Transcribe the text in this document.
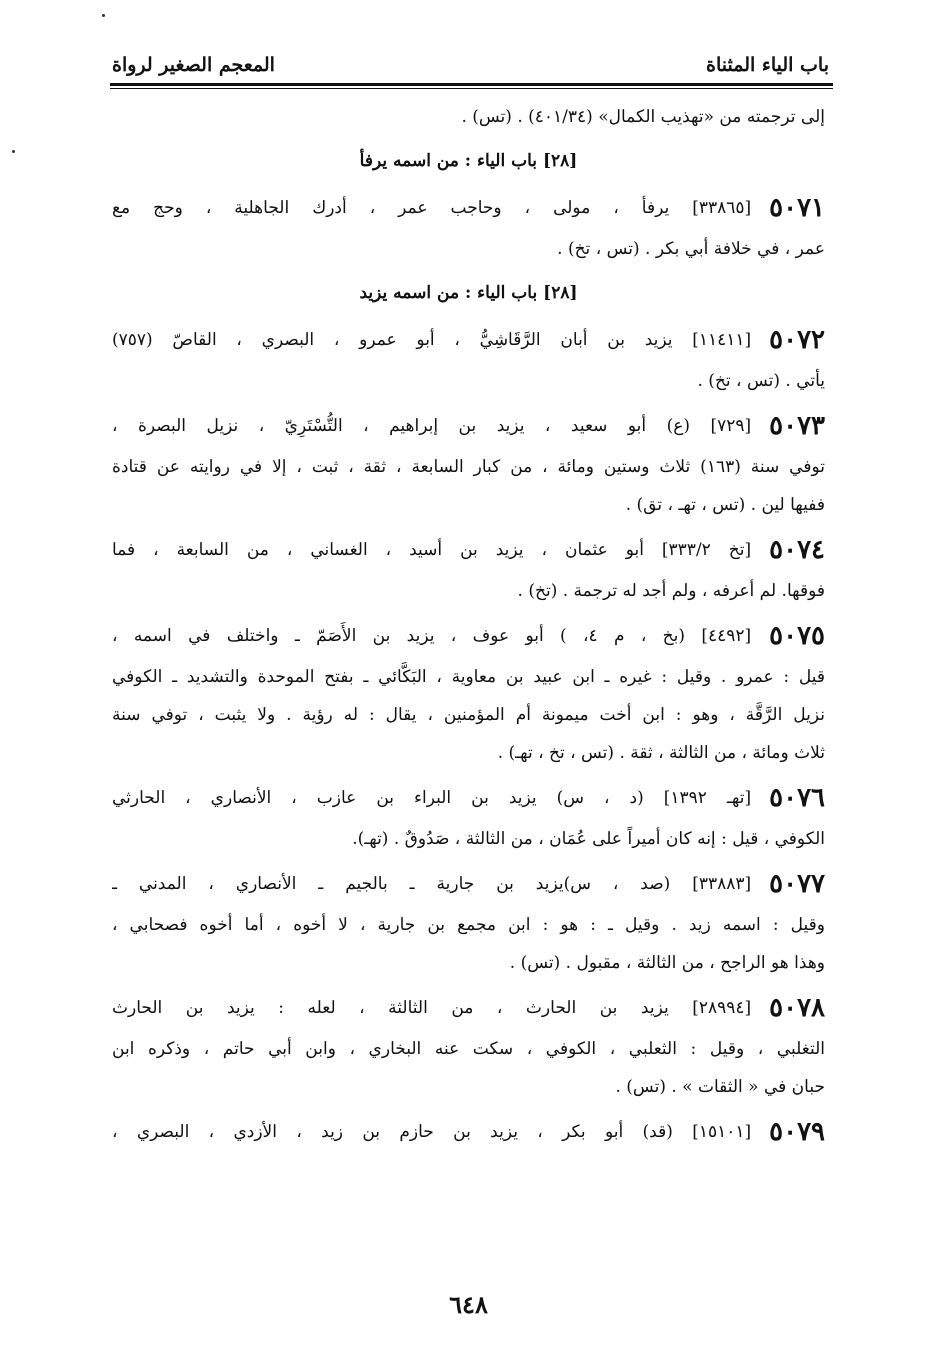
باب الياء المثناة
المعجم الصغير لرواة
إلى ترجمته من «تهذيب الكمال» (٤٠١/٣٤) . (تس) .
[٢٨] باب الياء : من اسمه يرفأ
٥٠٧١
[٣٣٨٦٥] يرفأ ، مولى ، وحاجب عمر ، أدرك الجاهلية ، وحج مع
عمر ، في خلافة أبي بكر . (تس ، تخ) .
[٢٨] باب الياء : من اسمه يزيد
٥٠٧٢
[١١٤١١] يزيد بن أبان الرَّقَاشِيُّ ، أبو عمرو ، البصري ، القاصّ (٧٥٧)
يأتي . (تس ، تخ) .
٥٠٧٣
[٧٢٩] (ع) أبو سعيد ، يزيد بن إبراهيم ، التُّسْتَرِيّ ، نزيل البصرة ،
توفي سنة (١٦٣) ثلاث وستين ومائة ، من كبار السابعة ، ثقة ، ثبت ، إلا في روايته عن قتادة
ففيها لين . (تس ، تهـ ، تق) .
٥٠٧٤
[تخ ٣٣٣/٢] أبو عثمان ، يزيد بن أسيد ، الغساني ، من السابعة ، فما
فوقها. لم أعرفه ، ولم أجد له ترجمة . (تخ) .
٥٠٧٥
[٤٤٩٢] (بخ ، م ٤، ) أبو عوف ، يزيد بن الأَصَمّ ـ واختلف في اسمه ،
قيل : عمرو . وقيل : غيره ـ ابن عبيد بن معاوية ، البَكَّائي ـ بفتح الموحدة والتشديد ـ الكوفي
نزيل الرَّقَّة ، وهو : ابن أخت ميمونة أم المؤمنين ، يقال : له رؤية . ولا يثبت ، توفي سنة
ثلاث ومائة ، من الثالثة ، ثقة . (تس ، تخ ، تهـ) .
٥٠٧٦
[تهـ ١٣٩٢] (د ، س) يزيد بن البراء بن عازب ، الأنصاري ، الحارثي
الكوفي ، قيل : إنه كان أميراً على عُمَان ، من الثالثة ، صَدُوقٌ . (تهـ).
٥٠٧٧
[٣٣٨٨٣] (صد ، س)يزيد بن جارية ـ بالجيم ـ الأنصاري ، المدني ـ
وقيل : اسمه زيد . وقيل ـ : هو : ابن مجمع بن جارية ، لا أخوه ، أما أخوه فصحابي ،
وهذا هو الراجح ، من الثالثة ، مقبول . (تس) .
٥٠٧٨
[٢٨٩٩٤] يزيد بن الحارث ، من الثالثة ، لعله : يزيد بن الحارث
التغلبي ، وقيل : الثعلبي ، الكوفي ، سكت عنه البخاري ، وابن أبي حاتم ، وذكره ابن
حبان في « الثقات » . (تس) .
٥٠٧٩
[١٥١٠١] (قد) أبو بكر ، يزيد بن حازم بن زيد ، الأزدي ، البصري ،
٦٤٨
